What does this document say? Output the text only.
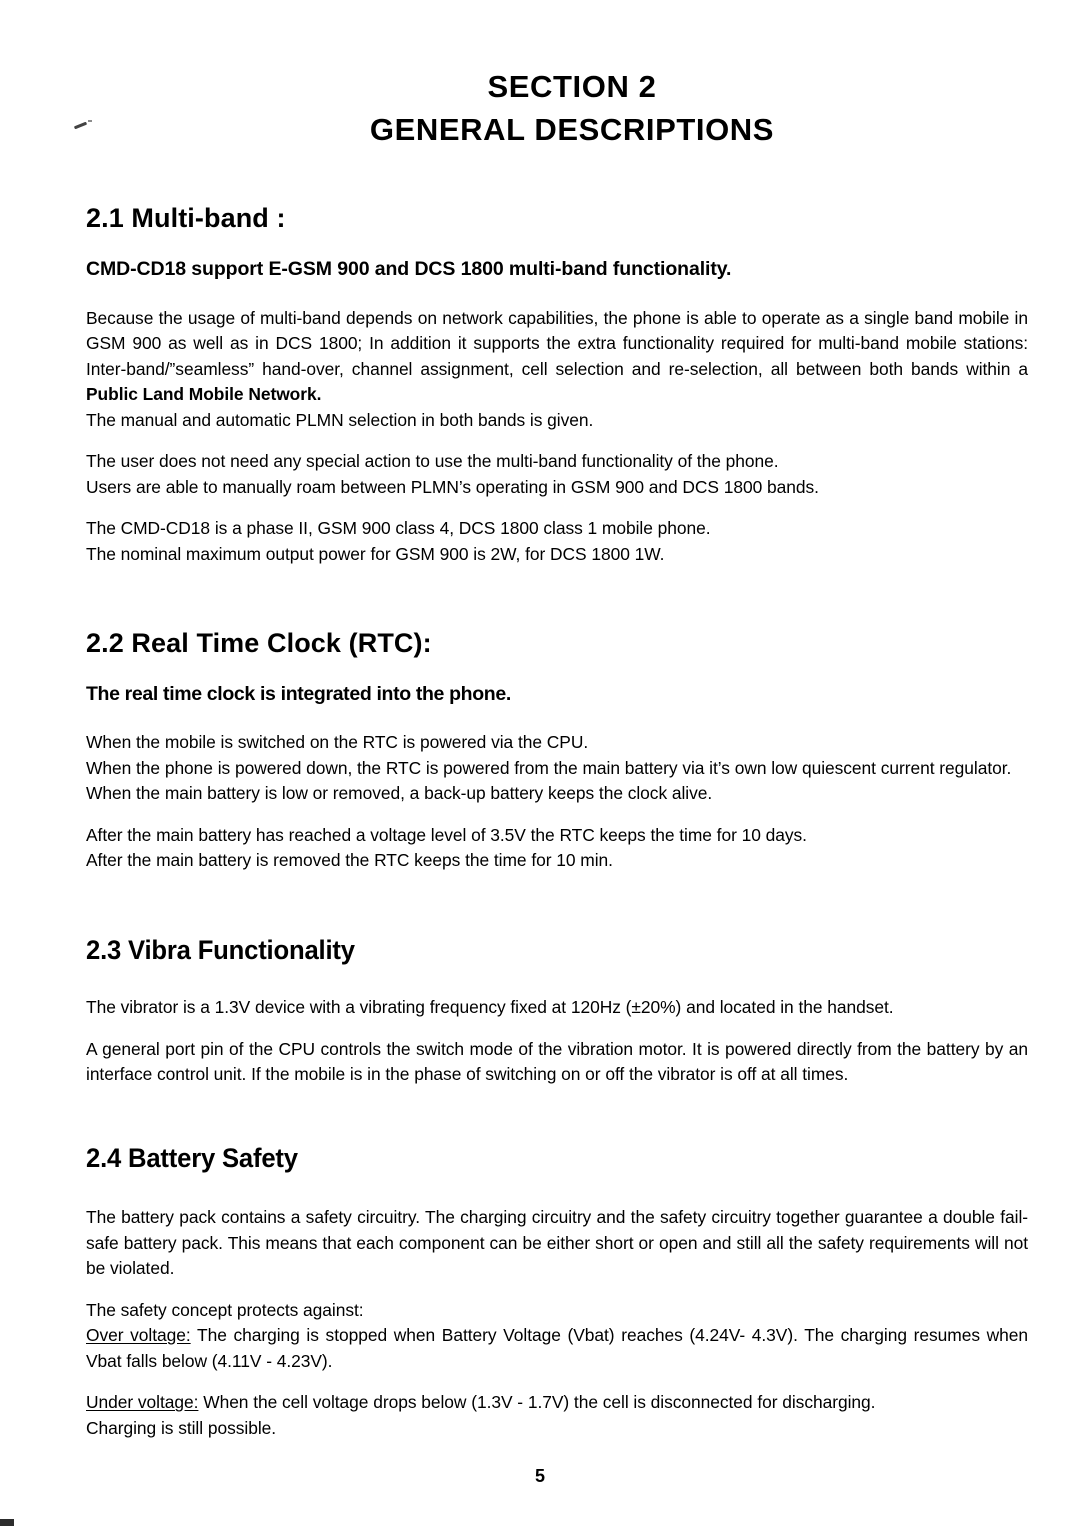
SECTION 2
GENERAL DESCRIPTIONS
2.1 Multi-band :
CMD-CD18 support E-GSM 900 and DCS 1800 multi-band functionality.

Because the usage of multi-band depends on network capabilities, the phone is able to operate as a single band mobile in GSM 900 as well as in DCS 1800; In addition it supports the extra functionality required for multi-band mobile stations: Inter-band/”seamless” hand-over, channel assignment, cell selection and re-selection, all between both bands within a Public Land Mobile Network.

The manual and automatic PLMN selection in both bands is given.

The user does not need any special action to use the multi-band functionality of the phone.

Users are able to manually roam between PLMN’s operating in GSM 900 and DCS 1800 bands.

The CMD-CD18 is a phase II, GSM 900 class 4, DCS 1800 class 1 mobile phone.

The nominal maximum output power for GSM 900 is 2W, for DCS 1800 1W.

2.2 Real Time Clock (RTC):
The real time clock is integrated into the phone.

When the mobile is switched on the RTC is powered via the CPU.

When the phone is powered down, the RTC is powered from the main battery via it’s own low quiescent current regulator.

When the main battery is low or removed, a back-up battery keeps the clock alive.

After the main battery has reached a voltage level of 3.5V the RTC keeps the time for 10 days.

After the main battery is removed the RTC keeps the time for 10 min.

2.3 Vibra Functionality

The vibrator is a 1.3V device with a vibrating frequency fixed at 120Hz (±20%) and located in the handset.

A general port pin of the CPU controls the switch mode of the vibration motor. It is powered directly from the battery by an interface control unit. If the mobile is in the phase of switching on or off the vibrator is off at all times.

2.4 Battery Safety

The battery pack contains a safety circuitry. The charging circuitry and the safety circuitry together guarantee a double fail-safe battery pack. This means that each component can be either short or open and still all the safety requirements will not be violated.

The safety concept protects against:

Over voltage: The charging is stopped when Battery Voltage (Vbat) reaches (4.24V- 4.3V). The charging resumes when Vbat falls below (4.11V - 4.23V).

Under voltage: When the cell voltage drops below (1.3V - 1.7V) the cell is disconnected for discharging.

Charging is still possible.

5
